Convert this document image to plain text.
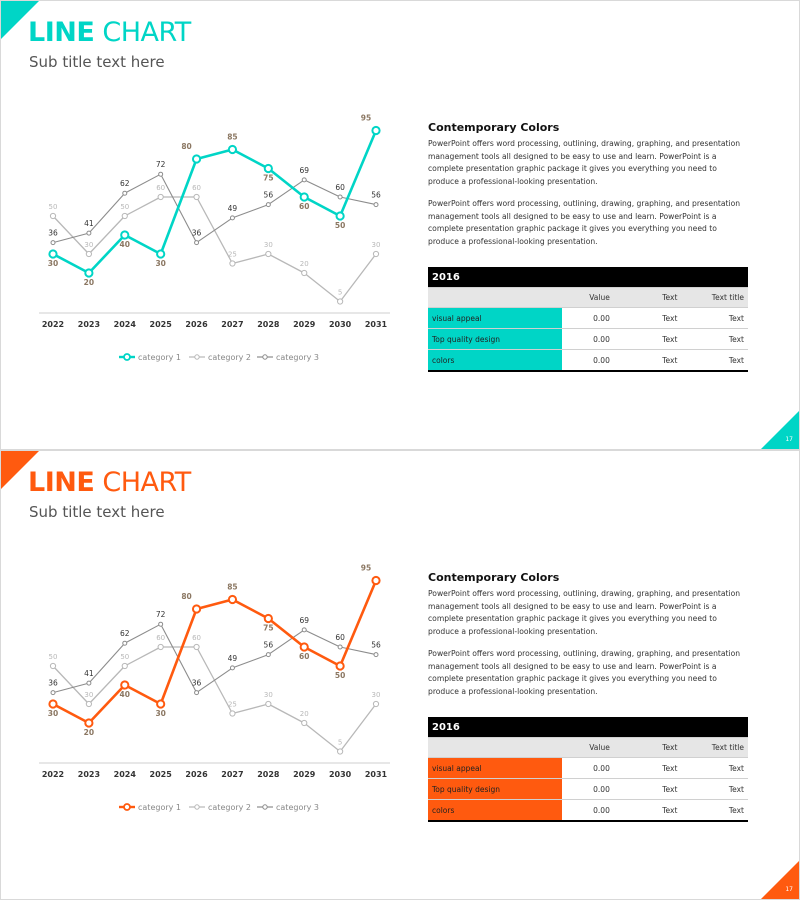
17
LINE CHART
Sub title text here
2022 2023 2024 2025 2026 2027 2028 2029 2030 2031
50
30
50
60	60
25
30
20
5
30
36
41
62
72
36
49
56
69
60
56
30
20
40
30
80
85
75
60
50
95
category 1	category 2	category 3
Contemporary Colors

PowerPoint offers word processing, outlining, drawing, graphing, and presentation management tools all designed to be easy to use and learn. PowerPoint is a complete presentation graphic package it gives you everything you need to produce a professional-looking presentation.

PowerPoint offers word processing, outlining, drawing, graphing, and presentation management tools all designed to be easy to use and learn. PowerPoint is a complete presentation graphic package it gives you everything you need to produce a professional-looking presentation.

2016			
	Value	Text	Text title
visual appeal	0.00	Text	Text
Top quality design	0.00	Text	Text
colors	0.00	Text	Text
17
LINE CHART
Sub title text here
2022 2023 2024 2025 2026 2027 2028 2029 2030 2031
50
30
50
60	60
25
30
20
5
30
36
41
62
72
36
49
56
69
60
56
30
20
40
30
80
85
75
60
50
95
category 1	category 2	category 3
Contemporary Colors

PowerPoint offers word processing, outlining, drawing, graphing, and presentation management tools all designed to be easy to use and learn. PowerPoint is a complete presentation graphic package it gives you everything you need to produce a professional-looking presentation.

PowerPoint offers word processing, outlining, drawing, graphing, and presentation management tools all designed to be easy to use and learn. PowerPoint is a complete presentation graphic package it gives you everything you need to produce a professional-looking presentation.

2016			
	Value	Text	Text title
visual appeal	0.00	Text	Text
Top quality design	0.00	Text	Text
colors	0.00	Text	Text
